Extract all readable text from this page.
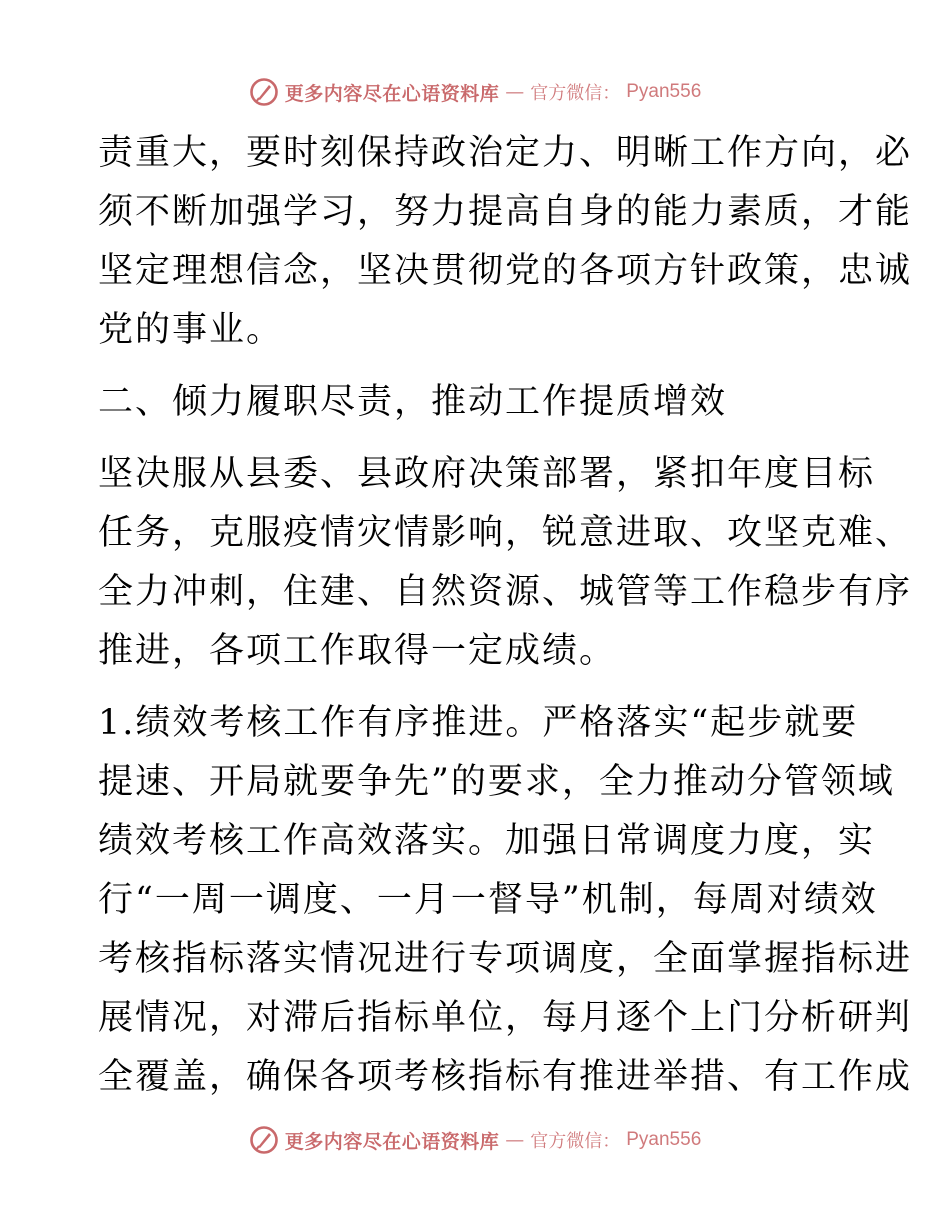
更多内容尽在心语资料库 — 官方微信： Pyan556
责重大，要时刻保持政治定力、明晰工作方向，必
须不断加强学习，努力提高自身的能力素质，才能
坚定理想信念，坚决贯彻党的各项方针政策，忠诚
党的事业。
二、倾力履职尽责，推动工作提质增效
坚决服从县委、县政府决策部署，紧扣年度目标
任务，克服疫情灾情影响，锐意进取、攻坚克难、
全力冲刺，住建、自然资源、城管等工作稳步有序
推进，各项工作取得一定成绩。
1.绩效考核工作有序推进。严格落实“起步就要
提速、开局就要争先”的要求，全力推动分管领域
绩效考核工作高效落实。加强日常调度力度，实
行“一周一调度、一月一督导”机制，每周对绩效
考核指标落实情况进行专项调度，全面掌握指标进
展情况，对滞后指标单位，每月逐个上门分析研判
全覆盖，确保各项考核指标有推进举措、有工作成
更多内容尽在心语资料库 — 官方微信： Pyan556
